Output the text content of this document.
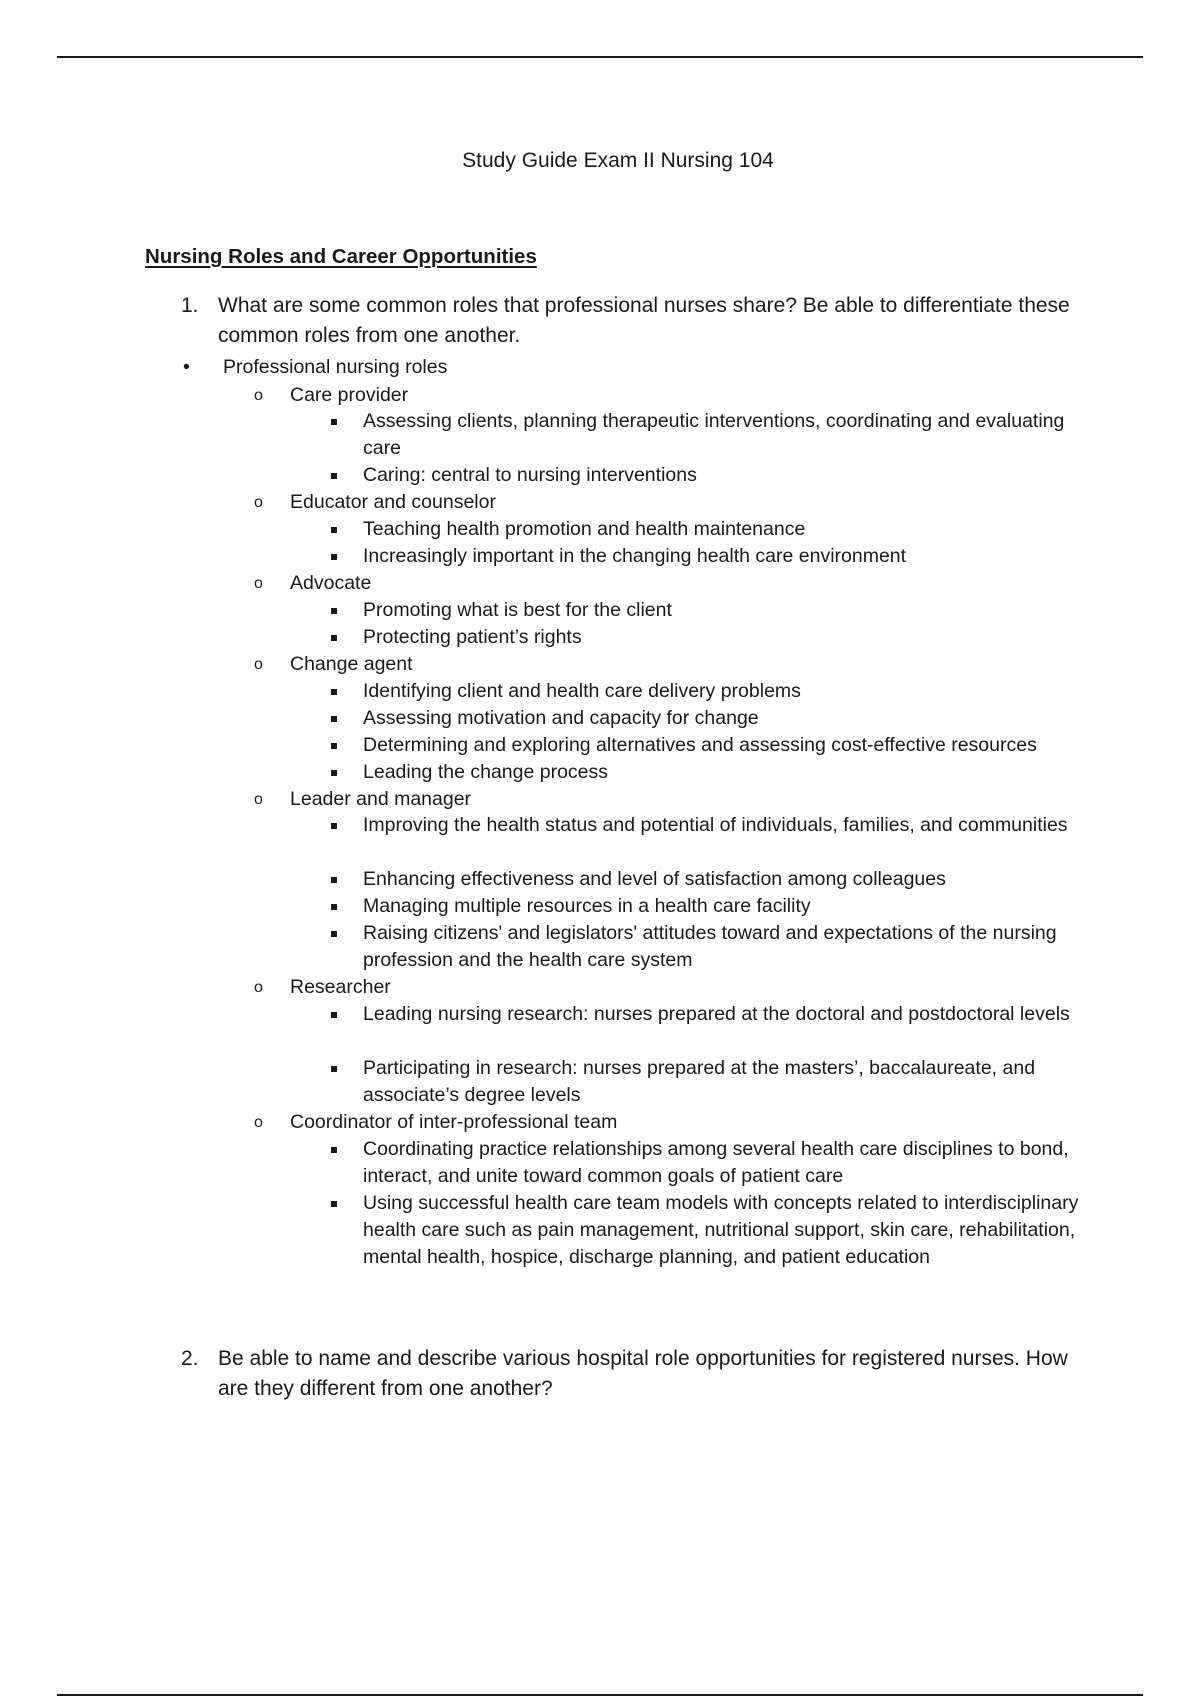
Study Guide Exam II Nursing 104
Nursing Roles and Career Opportunities
1. What are some common roles that professional nurses share? Be able to differentiate these common roles from one another.
• Professional nursing roles
o Care provider
Assessing clients, planning therapeutic interventions, coordinating and evaluating care
Caring: central to nursing interventions
o Educator and counselor
Teaching health promotion and health maintenance
Increasingly important in the changing health care environment
o Advocate
Promoting what is best for the client
Protecting patient’s rights
o Change agent
Identifying client and health care delivery problems
Assessing motivation and capacity for change
Determining and exploring alternatives and assessing cost-effective resources
Leading the change process
o Leader and manager
Improving the health status and potential of individuals, families, and communities
Enhancing effectiveness and level of satisfaction among colleagues
Managing multiple resources in a health care facility
Raising citizens' and legislators' attitudes toward and expectations of the nursing profession and the health care system
o Researcher
Leading nursing research: nurses prepared at the doctoral and postdoctoral levels
Participating in research: nurses prepared at the masters’, baccalaureate, and associate’s degree levels
o Coordinator of inter-professional team
Coordinating practice relationships among several health care disciplines to bond, interact, and unite toward common goals of patient care
Using successful health care team models with concepts related to interdisciplinary health care such as pain management, nutritional support, skin care, rehabilitation, mental health, hospice, discharge planning, and patient education
2. Be able to name and describe various hospital role opportunities for registered nurses. How are they different from one another?
